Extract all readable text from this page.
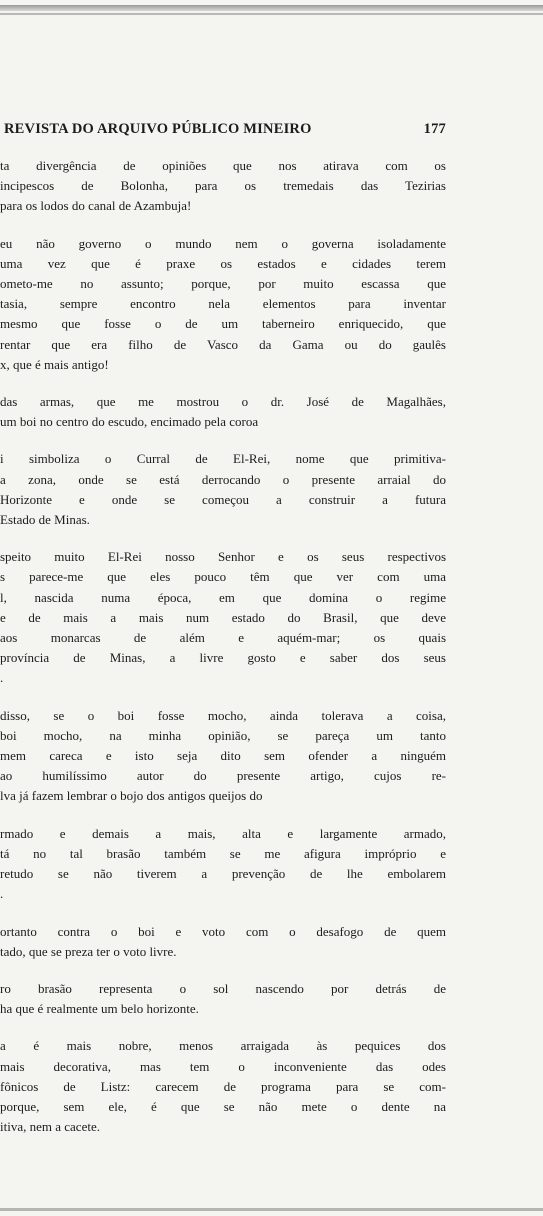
REVISTA DO ARQUIVO PÚBLICO MINEIRO	177
ta divergência de opiniões que nos atirava com os
incipescos de Bolonha, para os tremedais das Tezirias
para os lodos do canal de Azambuja!
eu não governo o mundo nem o governa isoladamente
uma vez que é praxe os estados e cidades terem
ometo-me no assunto; porque, por muito escassa que
tasia, sempre encontro nela elementos para inventar
mesmo que fosse o de um taberneiro enriquecido, que
rentar que era filho de Vasco da Gama ou do gaulês
x, que é mais antigo!
das armas, que me mostrou o dr. José de Magalhães,
um boi no centro do escudo, encimado pela coroa
i simboliza o Curral de El-Rei, nome que primitiva-
a zona, onde se está derrocando o presente arraial do
Horizonte e onde se começou a construir a futura
Estado de Minas.
speito muito El-Rei nosso Senhor e os seus respectivos
s parece-me que eles pouco têm que ver com uma
l, nascida numa época, em que domina o regime
e de mais a mais num estado do Brasil, que deve
aos monarcas de além e aquém-mar; os quais
província de Minas, a livre gosto e saber dos seus
.
disso, se o boi fosse mocho, ainda tolerava a coisa,
boi mocho, na minha opinião, se pareça um tanto
mem careca e isto seja dito sem ofender a ninguém
ao humilíssimo autor do presente artigo, cujos re-
lva já fazem lembrar o bojo dos antigos queijos do
rmado e demais a mais, alta e largamente armado,
tá no tal brasão também se me afigura impróprio e
retudo se não tiverem a prevenção de lhe embolarem
.
ortanto contra o boi e voto com o desafogo de quem
tado, que se preza ter o voto livre.
ro brasão representa o sol nascendo por detrás de
ha que é realmente um belo horizonte.
a é mais nobre, menos arraigada às pequices dos
mais decorativa, mas tem o inconveniente das odes
fônicos de Listz: carecem de programa para se com-
porque, sem ele, é que se não mete o dente na
itiva, nem a cacete.
